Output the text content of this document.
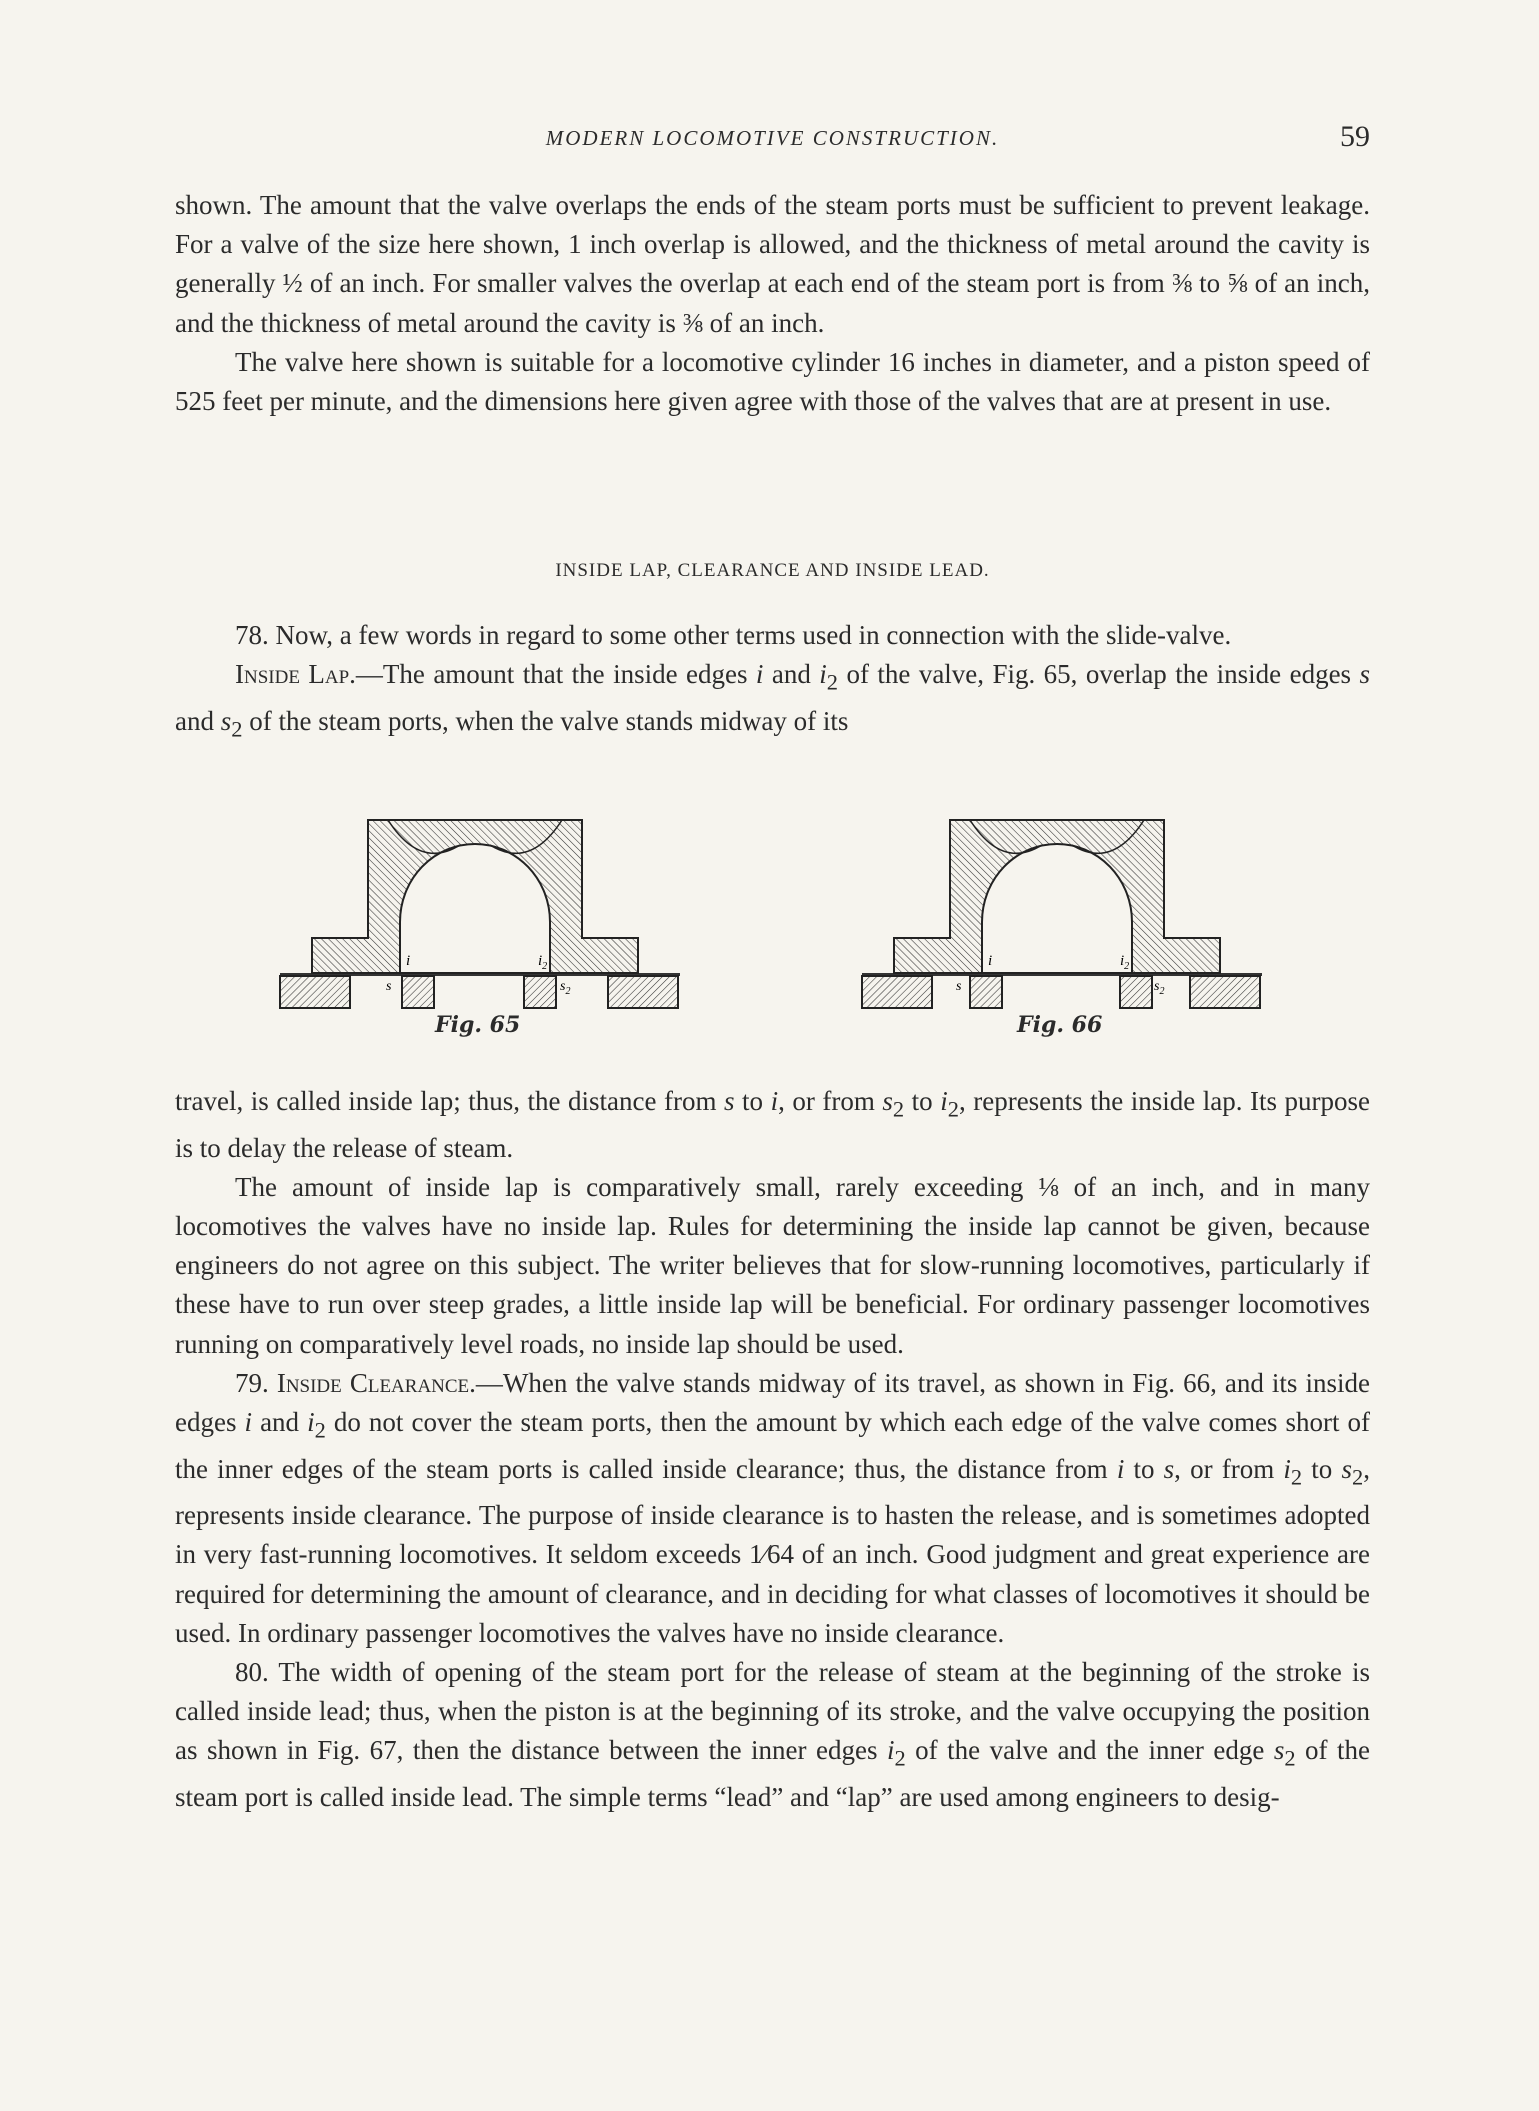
MODERN LOCOMOTIVE CONSTRUCTION.	59

shown. The amount that the valve overlaps the ends of the steam ports must be sufficient to prevent leakage. For a valve of the size here shown, 1 inch overlap is allowed, and the thickness of metal around the cavity is generally ½ of an inch. For smaller valves the overlap at each end of the steam port is from ⅜ to ⅝ of an inch, and the thickness of metal around the cavity is ⅜ of an inch.

The valve here shown is suitable for a locomotive cylinder 16 inches in diameter, and a piston speed of 525 feet per minute, and the dimensions here given agree with those of the valves that are at present in use.

INSIDE LAP, CLEARANCE AND INSIDE LEAD.

78. Now, a few words in regard to some other terms used in connection with the slide-valve.

Inside Lap.—The amount that the inside edges i and $i_2$ of the valve, Fig. 65, overlap the inside edges s and $s_2$ of the steam ports, when the valve stands midway of its

i	$i_2$
s	$s_2$
Fig. 65
i	$i_2$
s	$s_2$
Fig. 66

travel, is called inside lap; thus, the distance from s to i, or from $s_2$ to $i_2$, represents the inside lap. Its purpose is to delay the release of steam.

The amount of inside lap is comparatively small, rarely exceeding ⅛ of an inch, and in many locomotives the valves have no inside lap. Rules for determining the inside lap cannot be given, because engineers do not agree on this subject. The writer believes that for slow-running locomotives, particularly if these have to run over steep grades, a little inside lap will be beneficial. For ordinary passenger locomotives running on comparatively level roads, no inside lap should be used.

79. Inside Clearance.—When the valve stands midway of its travel, as shown in Fig. 66, and its inside edges i and $i_2$ do not cover the steam ports, then the amount by which each edge of the valve comes short of the inner edges of the steam ports is called inside clearance; thus, the distance from i to s, or from $i_2$ to $s_2$, represents inside clearance. The purpose of inside clearance is to hasten the release, and is sometimes adopted in very fast-running locomotives. It seldom exceeds 1⁄64 of an inch. Good judgment and great experience are required for determining the amount of clearance, and in deciding for what classes of locomotives it should be used. In ordinary passenger locomotives the valves have no inside clearance.

80. The width of opening of the steam port for the release of steam at the beginning of the stroke is called inside lead; thus, when the piston is at the beginning of its stroke, and the valve occupying the position as shown in Fig. 67, then the distance between the inner edges $i_2$ of the valve and the inner edge $s_2$ of the steam port is called inside lead. The simple terms “lead” and “lap” are used among engineers to desig-
